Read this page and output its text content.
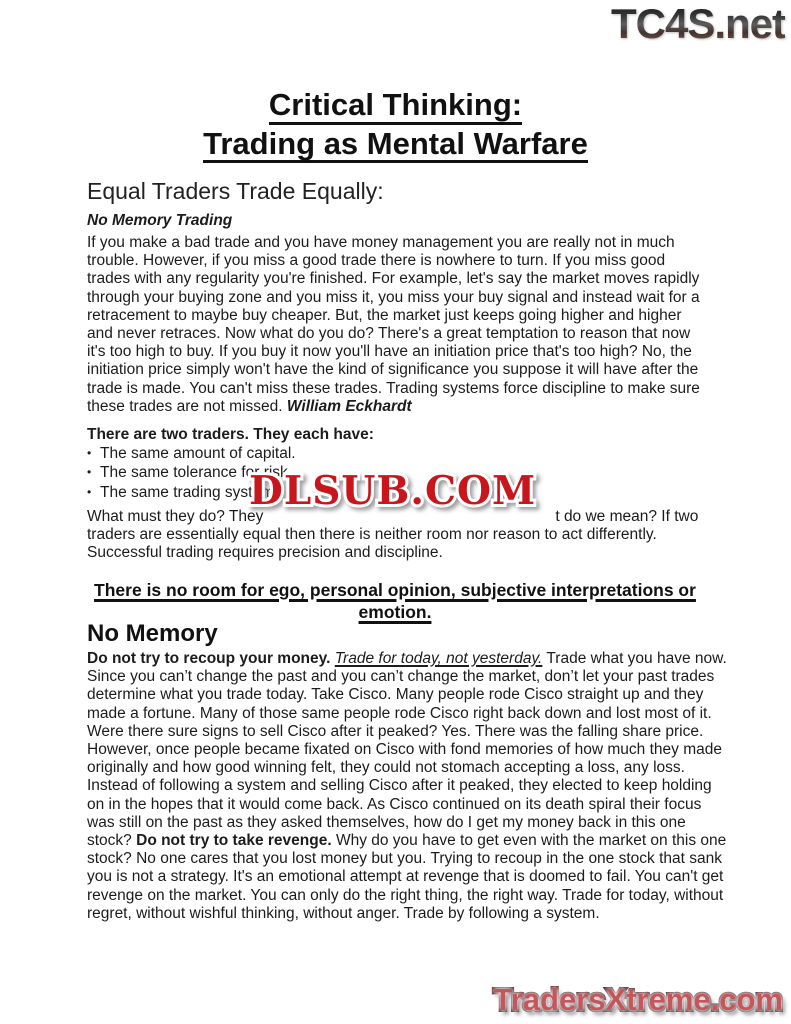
TC4S.net
Critical Thinking:
Trading as Mental Warfare
Equal Traders Trade Equally:
No Memory Trading

If you make a bad trade and you have money management you are really not in much trouble. However, if you miss a good trade there is nowhere to turn. If you miss good trades with any regularity you're finished. For example, let's say the market moves rapidly through your buying zone and you miss it, you miss your buy signal and instead wait for a retracement to maybe buy cheaper. But, the market just keeps going higher and higher and never retraces. Now what do you do? There's a great temptation to reason that now it's too high to buy. If you buy it now you'll have an initiation price that's too high? No, the initiation price simply won't have the kind of significance you suppose it will have after the trade is made. You can't miss these trades. Trading systems force discipline to make sure these trades are not missed. William Eckhardt

There are two traders. They each have:
• The same amount of capital.
• The same tolerance for risk.
• The same trading system.

What must they do? They	t do we mean? If two traders are essentially equal then there is neither room nor reason to act differently. Successful trading requires precision and discipline.
DLSUB.COM

There is no room for ego, personal opinion, subjective interpretations or emotion.
No Memory

Do not try to recoup your money. Trade for today, not yesterday. Trade what you have now. Since you can’t change the past and you can’t change the market, don’t let your past trades determine what you trade today. Take Cisco. Many people rode Cisco straight up and they made a fortune. Many of those same people rode Cisco right back down and lost most of it. Were there sure signs to sell Cisco after it peaked? Yes. There was the falling share price. However, once people became fixated on Cisco with fond memories of how much they made originally and how good winning felt, they could not stomach accepting a loss, any loss. Instead of following a system and selling Cisco after it peaked, they elected to keep holding on in the hopes that it would come back. As Cisco continued on its death spiral their focus was still on the past as they asked themselves, how do I get my money back in this one stock? Do not try to take revenge. Why do you have to get even with the market on this one stock? No one cares that you lost money but you. Trying to recoup in the one stock that sank you is not a strategy. It's an emotional attempt at revenge that is doomed to fail. You can't get revenge on the market. You can only do the right thing, the right way. Trade for today, without regret, without wishful thinking, without anger. Trade by following a system.

TradersXtreme.com
